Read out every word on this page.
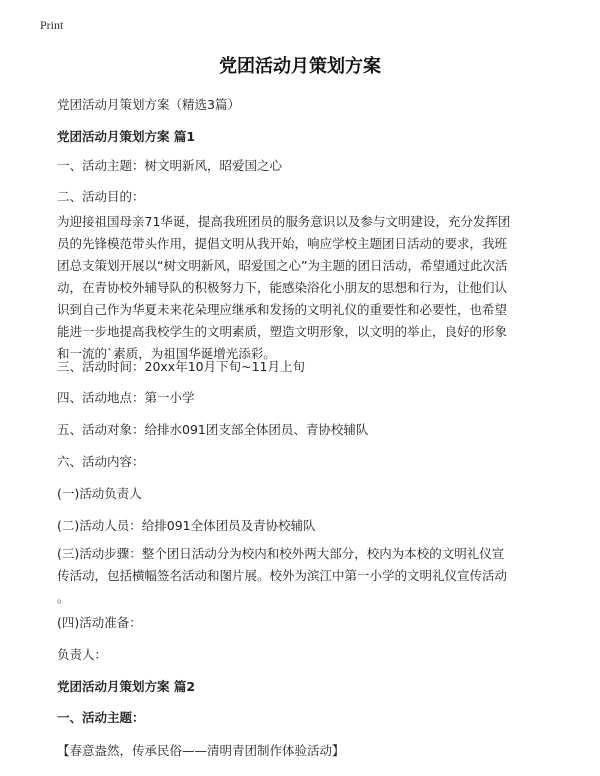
Print
党团活动月策划方案
党团活动月策划方案（精选3篇）
党团活动月策划方案 篇1
一、活动主题：树文明新风，昭爱国之心
二、活动目的：
为迎接祖国母亲71华诞，提高我班团员的服务意识以及参与文明建设，充分发挥团
员的先锋模范带头作用，提倡文明从我开始，响应学校主题团日活动的要求，我班
团总支策划开展以“树文明新风，昭爱国之心”为主题的团日活动，希望通过此次活
动，在青协校外辅导队的积极努力下，能感染浴化小朋友的思想和行为，让他们认
识到自己作为华夏未来花朵理应继承和发扬的文明礼仪的重要性和必要性，也希望
能进一步地提高我校学生的文明素质，塑造文明形象，以文明的举止，良好的形象
和一流的`素质，为祖国华诞增光添彩。
三、活动时间：20xx年10月下旬~11月上旬
四、活动地点：第一小学
五、活动对象：给排水091团支部全体团员、青协校辅队
六、活动内容：
(一)活动负责人
(二)活动人员：给排091全体团员及青协校辅队
(三)活动步骤：整个团日活动分为校内和校外两大部分，校内为本校的文明礼仪宣
传活动，包括横幅签名活动和图片展。校外为滨江中第一小学的文明礼仪宣传活动
。
(四)活动准备：
负责人：
党团活动月策划方案 篇2
一、活动主题：
【春意盎然，传承民俗——清明青团制作体验活动】
